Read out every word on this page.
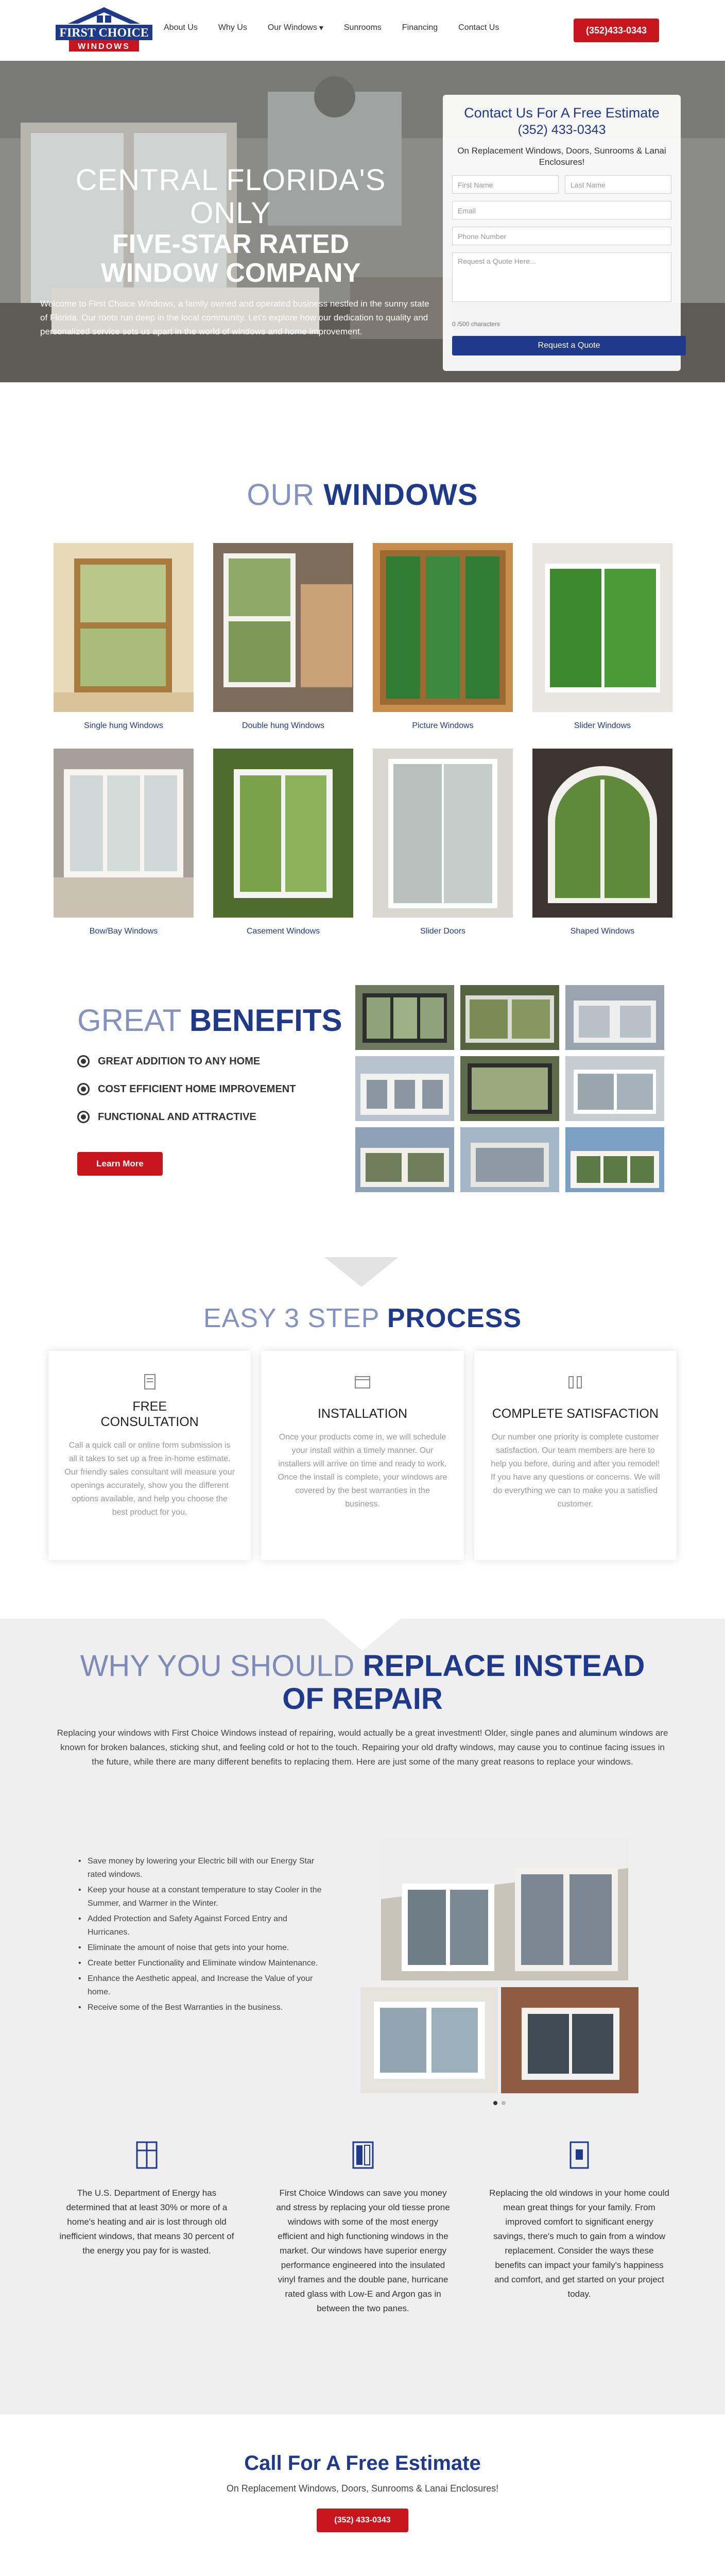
FIRST CHOICE
WINDOWS
About Us	Why Us	Our Windows ▾	Sunrooms	Financing	Contact Us	(352)433-0343
CENTRAL FLORIDA'S ONLY
FIVE-STAR RATED
WINDOW COMPANY
Welcome to First Choice Windows, a family owned and operated business nestled in the sunny state of Florida. Our roots run deep in the local community. Let's explore how our dedication to quality and personalized service sets us apart in the world of windows and home improvement.
Contact Us For A Free Estimate
(352) 433-0343
On Replacement Windows, Doors, Sunrooms & Lanai Enclosures!
First Name	Last Name
Email
Phone Number
Request a Quote Here...
0 /500 characters
Request a Quote
OUR WINDOWS
Single hung Windows	Double hung Windows	Picture Windows	Slider Windows
Bow/Bay Windows	Casement Windows	Slider Doors	Shaped Windows
GREAT BENEFITS
GREAT ADDITION TO ANY HOME
COST EFFICIENT HOME IMPROVEMENT
FUNCTIONAL AND ATTRACTIVE
Learn More
EASY 3 STEP PROCESS
FREE
CONSULTATION
Call a quick call or online form submission is all it takes to set up a free in-home estimate. Our friendly sales consultant will measure your openings accurately, show you the different options available, and help you choose the best product for you.
INSTALLATION
Once your products come in, we will schedule your install within a timely manner. Our installers will arrive on time and ready to work. Once the install is complete, your windows are covered by the best warranties in the business.
COMPLETE SATISFACTION
Our number one priority is complete customer satisfaction. Our team members are here to help you before, during and after you remodel! If you have any questions or concerns. We will do everything we can to make you a satisfied customer.
WHY YOU SHOULD REPLACE INSTEAD
OF REPAIR
Replacing your windows with First Choice Windows instead of repairing, would actually be a great investment! Older, single panes and aluminum windows are known for broken balances, sticking shut, and feeling cold or hot to the touch. Repairing your old drafty windows, may cause you to continue facing issues in the future, while there are many different benefits to replacing them. Here are just some of the many great reasons to replace your windows.
• Save money by lowering your Electric bill with our Energy Star rated windows.
• Keep your house at a constant temperature to stay Cooler in the Summer, and Warmer in the Winter.
• Added Protection and Safety Against Forced Entry and Hurricanes.
• Eliminate the amount of noise that gets into your home.
• Create better Functionality and Eliminate window Maintenance.
• Enhance the Aesthetic appeal, and Increase the Value of your home.
• Receive some of the Best Warranties in the business.
The U.S. Department of Energy has determined that at least 30% or more of a home's heating and air is lost through old inefficient windows, that means 30 percent of the energy you pay for is wasted.
First Choice Windows can save you money and stress by replacing your old tiesse prone windows with some of the most energy efficient and high functioning windows in the market. Our windows have superior energy performance engineered into the insulated vinyl frames and the double pane, hurricane rated glass with Low-E and Argon gas in between the two panes.
Replacing the old windows in your home could mean great things for your family. From improved comfort to significant energy savings, there's much to gain from a window replacement. Consider the ways these benefits can impact your family's happiness and comfort, and get started on your project today.
Call For A Free Estimate
On Replacement Windows, Doors, Sunrooms & Lanai Enclosures!
(352) 433-0343
